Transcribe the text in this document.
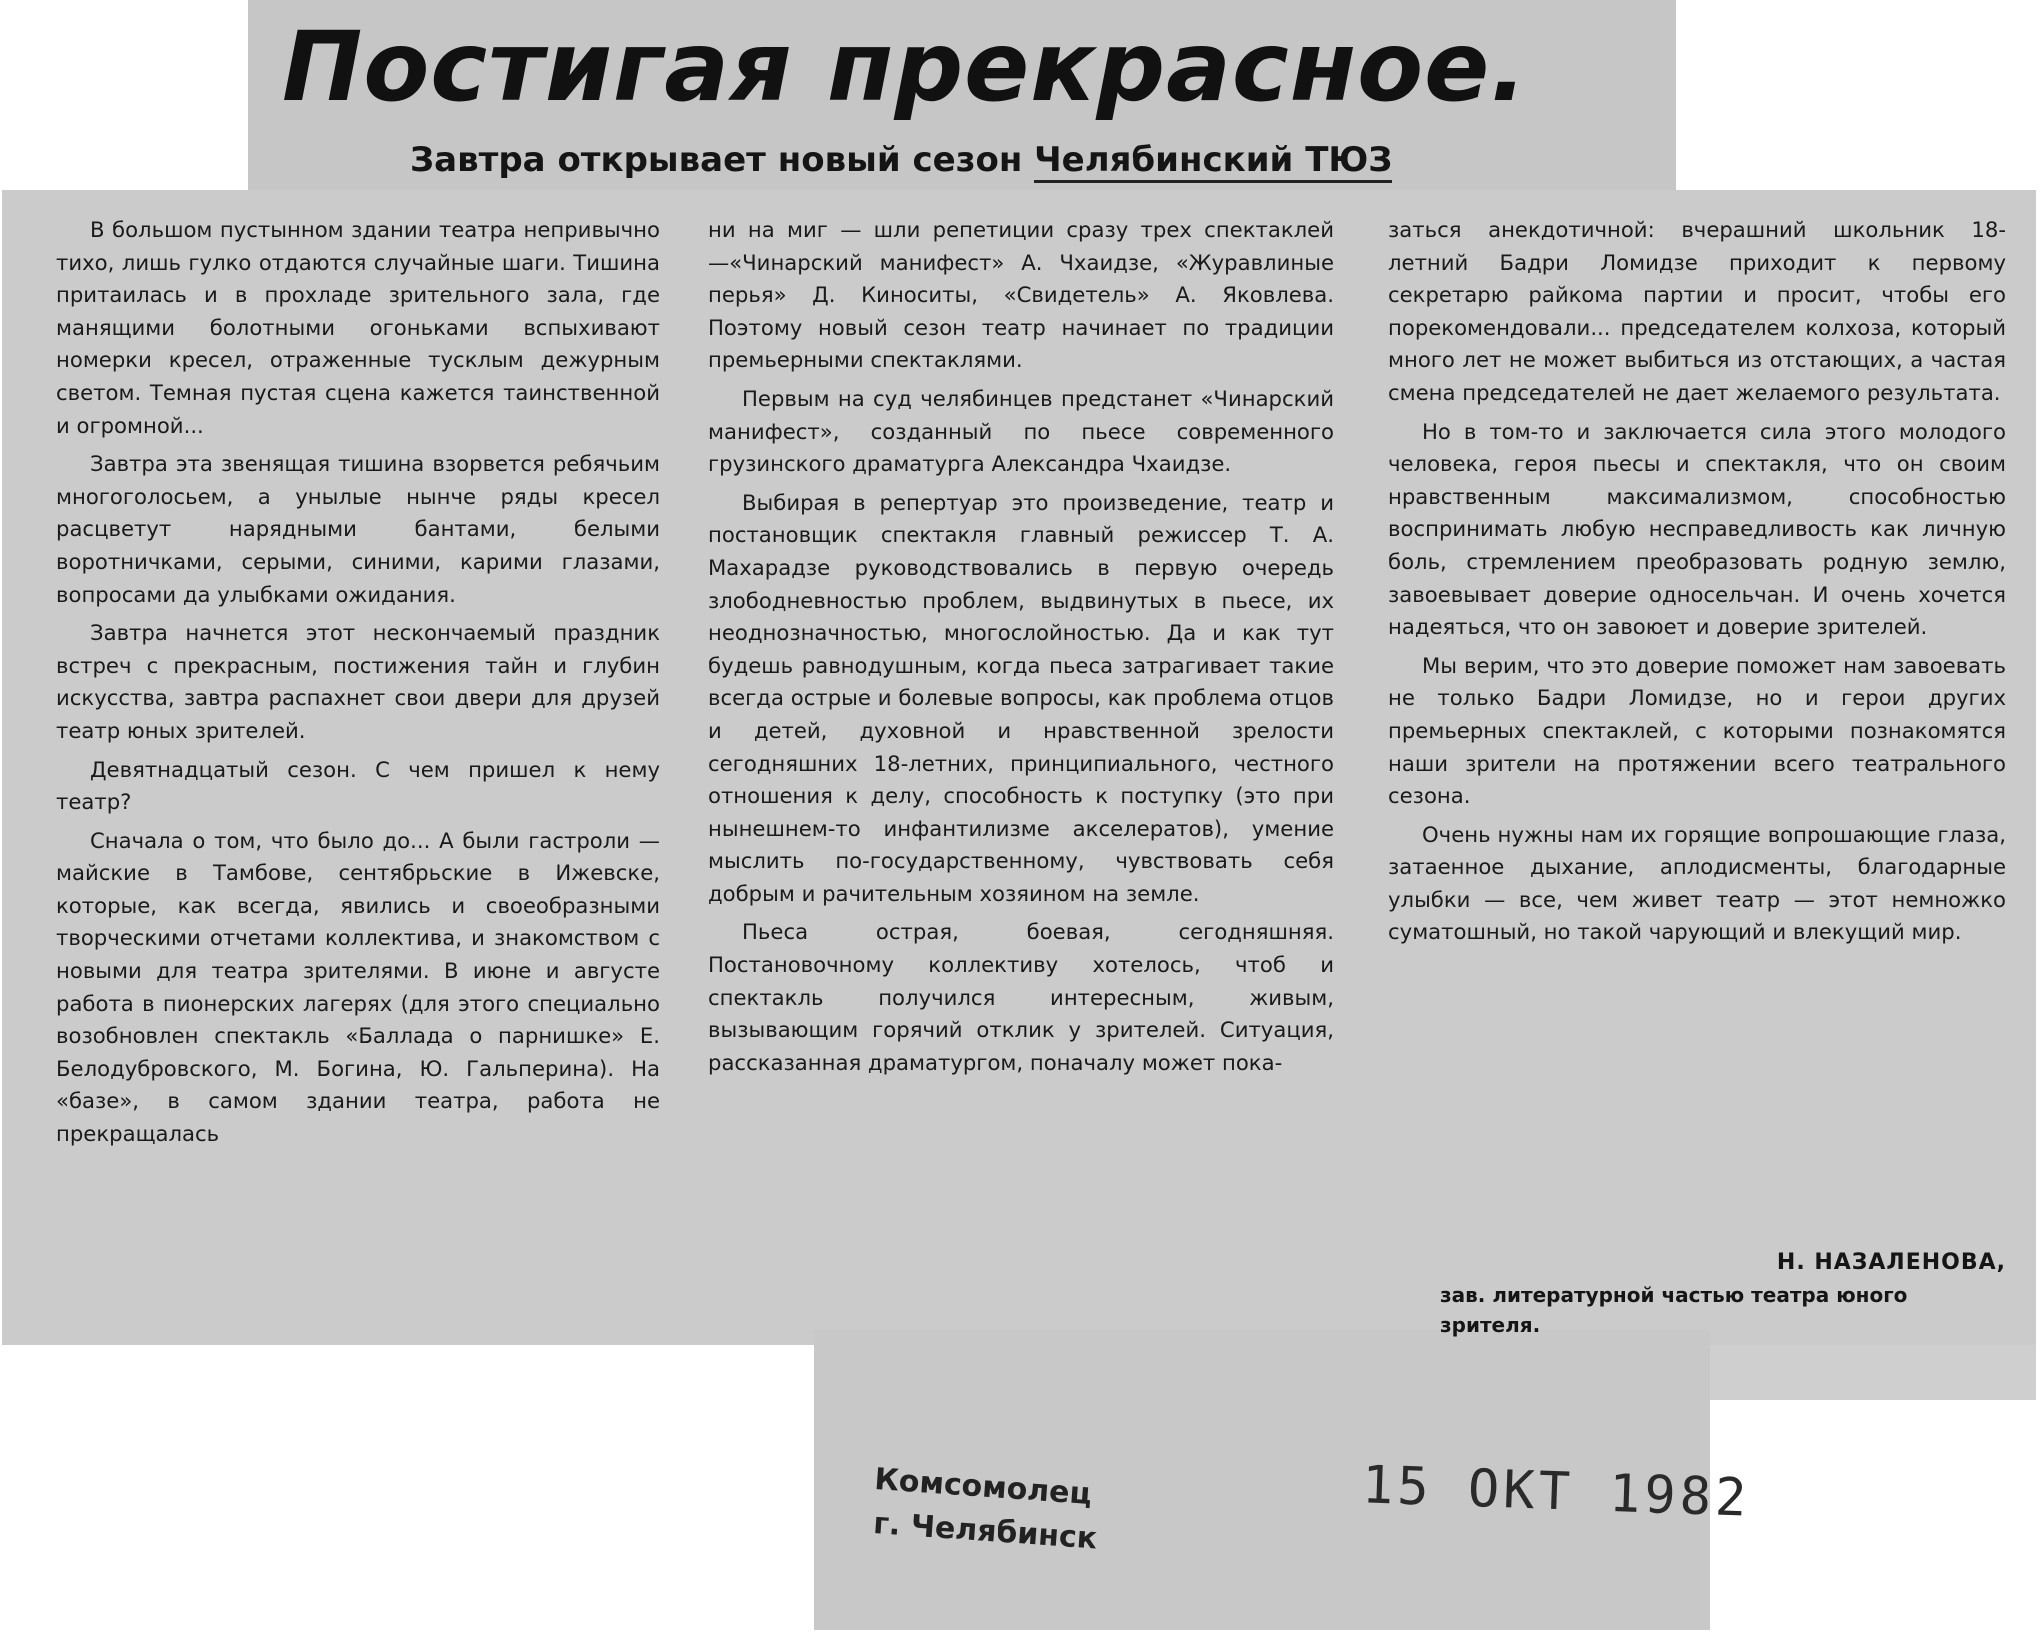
Постигая прекрасное.
Завтра открывает новый сезон Челябинский ТЮЗ

В большом пустынном здании театра непривычно тихо, лишь гулко отдаются случайные шаги. Тишина притаилась и в прохладе зрительного зала, где манящими болотными огоньками вспыхивают номерки кресел, отраженные тусклым дежурным светом. Темная пустая сцена кажется таинственной и огромной...

Завтра эта звенящая тишина взорвется ребячьим многоголосьем, а унылые нынче ряды кресел расцветут нарядными бантами, белыми воротничками, серыми, синими, карими глазами, вопросами да улыбками ожидания.

Завтра начнется этот нескончаемый праздник встреч с прекрасным, постижения тайн и глубин искусства, завтра распахнет свои двери для друзей театр юных зрителей.

Девятнадцатый сезон. С чем пришел к нему театр?

Сначала о том, что было до... А были гастроли — майские в Тамбове, сентябрьские в Ижевске, которые, как всегда, явились и своеобразными творческими отчетами коллектива, и знакомством с новыми для театра зрителями. В июне и августе работа в пионерских лагерях (для этого специально возобновлен спектакль «Баллада о парнишке» Е. Белодубровского, М. Богина, Ю. Гальперина). На «базе», в самом здании театра, работа не прекращалась

ни на миг — шли репетиции сразу трех спектаклей—«Чинарский манифест» А. Чхаидзе, «Журавлиные перья» Д. Киноситы, «Свидетель» А. Яковлева. Поэтому новый сезон театр начинает по традиции премьерными спектаклями.

Первым на суд челябинцев предстанет «Чинарский манифест», созданный по пьесе современного грузинского драматурга Александра Чхаидзе.

Выбирая в репертуар это произведение, театр и постановщик спектакля главный режиссер Т. А. Махарадзе руководствовались в первую очередь злободневностью проблем, выдвинутых в пьесе, их неоднозначностью, многослойностью. Да и как тут будешь равнодушным, когда пьеса затрагивает такие всегда острые и болевые вопросы, как проблема отцов и детей, духовной и нравственной зрелости сегодняшних 18-летних, принципиального, честного отношения к делу, способность к поступку (это при нынешнем-то инфантилизме акселератов), умение мыслить по-государственному, чувствовать себя добрым и рачительным хозяином на земле.

Пьеса острая, боевая, сегодняшняя. Постановочному коллективу хотелось, чтоб и спектакль получился интересным, живым, вызывающим горячий отклик у зрителей. Ситуация, рассказанная драматургом, поначалу может пока-

заться анекдотичной: вчерашний школьник 18-летний Бадри Ломидзе приходит к первому секретарю райкома партии и просит, чтобы его порекомендовали... председателем колхоза, который много лет не может выбиться из отстающих, а частая смена председателей не дает желаемого результата.

Но в том-то и заключается сила этого молодого человека, героя пьесы и спектакля, что он своим нравственным максимализмом, способностью воспринимать любую несправедливость как личную боль, стремлением преобразовать родную землю, завоевывает доверие односельчан. И очень хочется надеяться, что он завоюет и доверие зрителей.

Мы верим, что это доверие поможет нам завоевать не только Бадри Ломидзе, но и герои других премьерных спектаклей, с которыми познакомятся наши зрители на протяжении всего театрального сезона.

Очень нужны нам их горящие вопрошающие глаза, затаенное дыхание, аплодисменты, благодарные улыбки — все, чем живет театр — этот немножко суматошный, но такой чарующий и влекущий мир.

Н. НАЗАЛЕНОВА,
зав. литературной частью театра юного зрителя.
Комсомолец
г. Челябинск
15 ОКТ 1982
